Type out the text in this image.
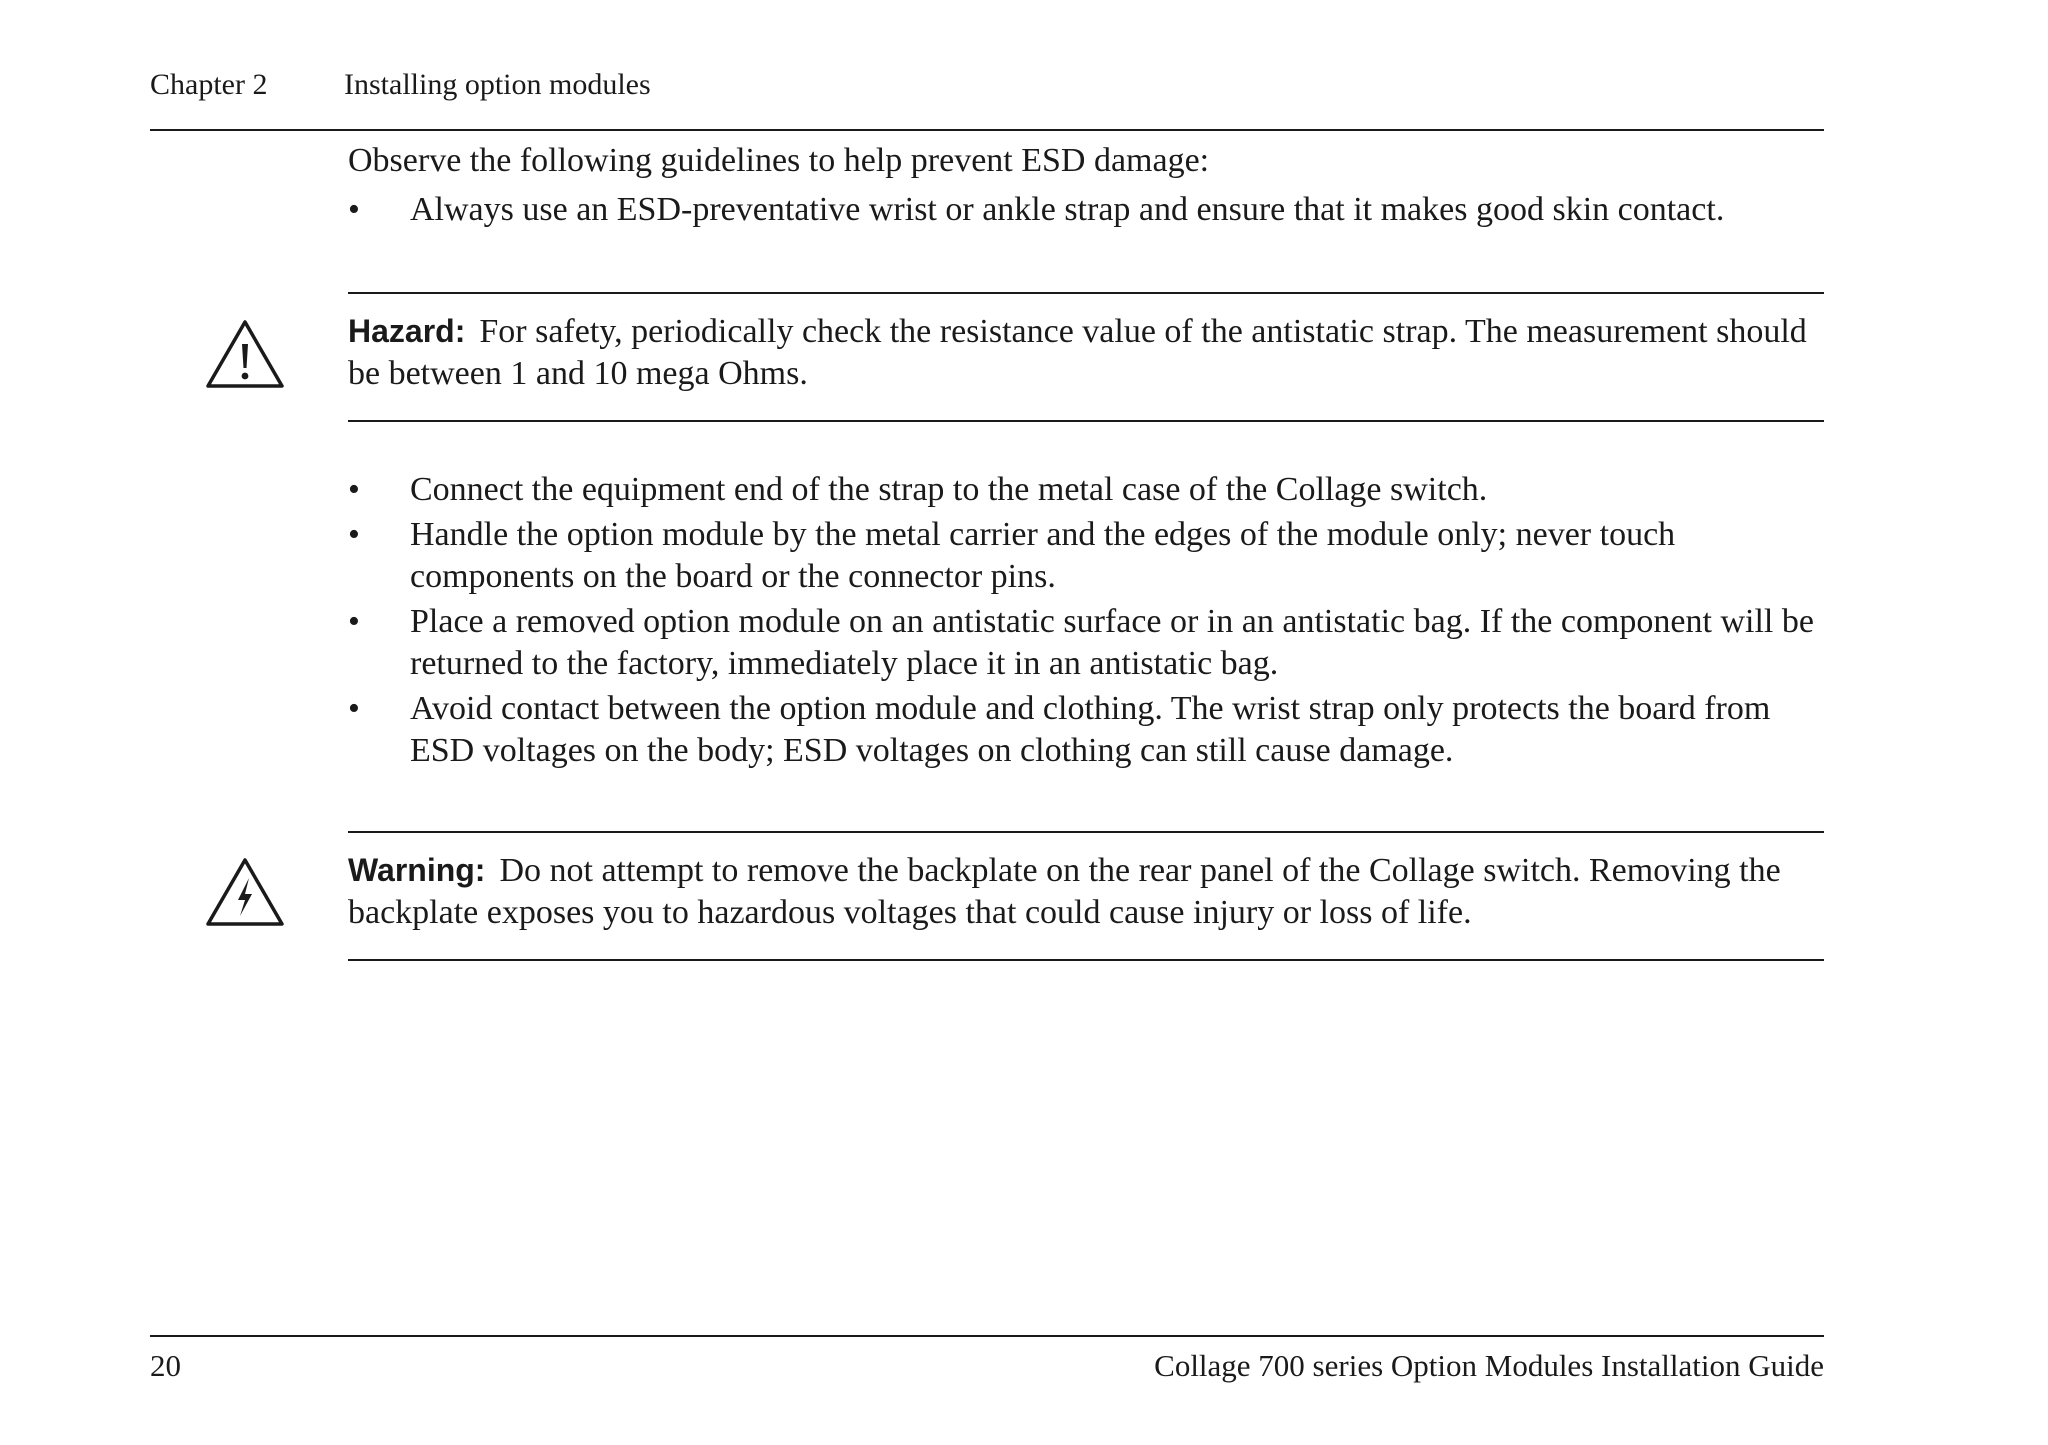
Chapter 2	Installing option modules
Observe the following guidelines to help prevent ESD damage:
• Always use an ESD-preventative wrist or ankle strap and ensure that it makes good skin contact.

Hazard: For safety, periodically check the resistance value of the antistatic strap. The measurement should be between 1 and 10 mega Ohms.

• Connect the equipment end of the strap to the metal case of the Collage switch.
• Handle the option module by the metal carrier and the edges of the module only; never touch components on the board or the connector pins.
• Place a removed option module on an antistatic surface or in an antistatic bag. If the component will be returned to the factory, immediately place it in an antistatic bag.
• Avoid contact between the option module and clothing. The wrist strap only protects the board from ESD voltages on the body; ESD voltages on clothing can still cause damage.

Warning: Do not attempt to remove the backplate on the rear panel of the Collage switch. Removing the backplate exposes you to hazardous voltages that could cause injury or loss of life.

20	Collage 700 series Option Modules Installation Guide
